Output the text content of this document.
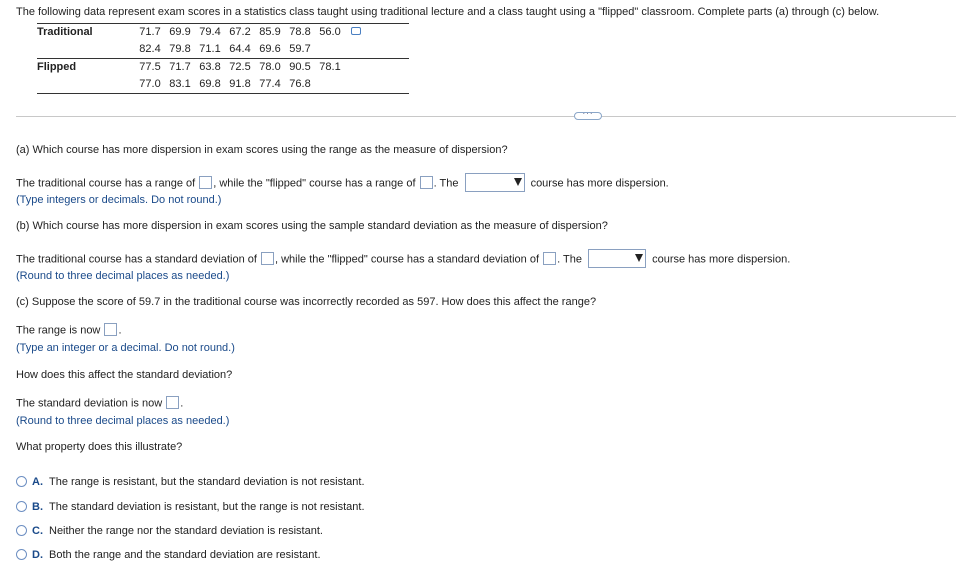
The following data represent exam scores in a statistics class taught using traditional lecture and a class taught using a "flipped" classroom. Complete parts (a) through (c) below.
Traditional	71.7 69.9 79.4 67.2 85.9 78.8 56.0
	82.4 79.8 71.1 64.4 69.6 59.7
Flipped	77.5 71.7 63.8 72.5 78.0 90.5 78.1
	77.0 83.1 69.8 91.8 77.4 76.8
···
(a) Which course has more dispersion in exam scores using the range as the measure of dispersion?
The traditional course has a range of , while the "flipped" course has a range of . The	course has more dispersion.
(Type integers or decimals. Do not round.)
(b) Which course has more dispersion in exam scores using the sample standard deviation as the measure of dispersion?
The traditional course has a standard deviation of , while the "flipped" course has a standard deviation of . The	course has more dispersion.
(Round to three decimal places as needed.)
(c) Suppose the score of 59.7 in the traditional course was incorrectly recorded as 597. How does this affect the range?
The range is now .
(Type an integer or a decimal. Do not round.)
How does this affect the standard deviation?
The standard deviation is now .
(Round to three decimal places as needed.)
What property does this illustrate?
A. The range is resistant, but the standard deviation is not resistant.
B. The standard deviation is resistant, but the range is not resistant.
C. Neither the range nor the standard deviation is resistant.
D. Both the range and the standard deviation are resistant.
